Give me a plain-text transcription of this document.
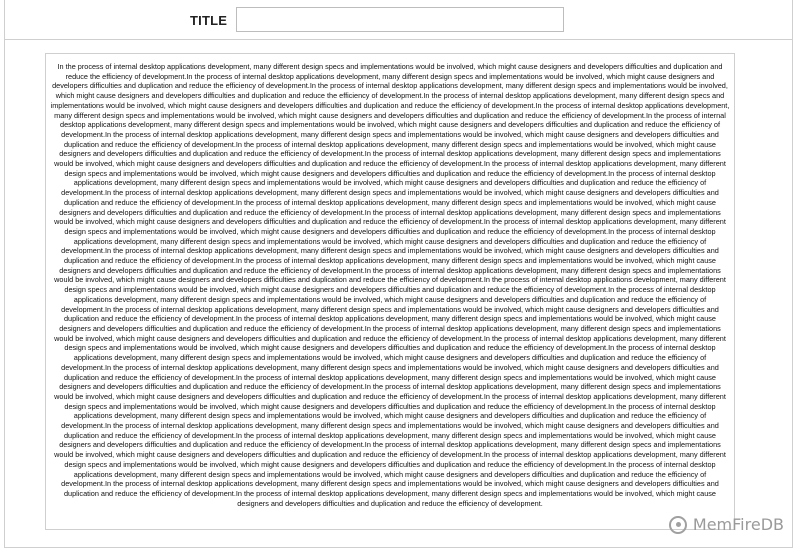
TITLE

In the process of internal desktop applications development, many different design specs and implementations would be involved, which might cause designers and developers difficulties and duplication and reduce the efficiency of development.In the process of internal desktop applications development, many different design specs and implementations would be involved, which might cause designers and developers difficulties and duplication and reduce the efficiency of development.In the process of internal desktop applications development, many different design specs and implementations would be involved, which might cause designers and developers difficulties and duplication and reduce the efficiency of development.In the process of internal desktop applications development, many different design specs and implementations would be involved, which might cause designers and developers difficulties and duplication and reduce the efficiency of development.In the process of internal desktop applications development, many different design specs and implementations would be involved, which might cause designers and developers difficulties and duplication and reduce the efficiency of development.In the process of internal desktop applications development, many different design specs and implementations would be involved, which might cause designers and developers difficulties and duplication and reduce the efficiency of development.In the process of internal desktop applications development, many different design specs and implementations would be involved, which might cause designers and developers difficulties and duplication and reduce the efficiency of development.In the process of internal desktop applications development, many different design specs and implementations would be involved, which might cause designers and developers difficulties and duplication and reduce the efficiency of development.In the process of internal desktop applications development, many different design specs and implementations would be involved, which might cause designers and developers difficulties and duplication and reduce the efficiency of development.In the process of internal desktop applications development, many different design specs and implementations would be involved, which might cause designers and developers difficulties and duplication and reduce the efficiency of development.In the process of internal desktop applications development, many different design specs and implementations would be involved, which might cause designers and developers difficulties and duplication and reduce the efficiency of development.In the process of internal desktop applications development, many different design specs and implementations would be involved, which might cause designers and developers difficulties and duplication and reduce the efficiency of development.In the process of internal desktop applications development, many different design specs and implementations would be involved, which might cause designers and developers difficulties and duplication and reduce the efficiency of development.In the process of internal desktop applications development, many different design specs and implementations would be involved, which might cause designers and developers difficulties and duplication and reduce the efficiency of development.In the process of internal desktop applications development, many different design specs and implementations would be involved, which might cause designers and developers difficulties and duplication and reduce the efficiency of development.In the process of internal desktop applications development, many different design specs and implementations would be involved, which might cause designers and developers difficulties and duplication and reduce the efficiency of development.In the process of internal desktop applications development, many different design specs and implementations would be involved, which might cause designers and developers difficulties and duplication and reduce the efficiency of development.In the process of internal desktop applications development, many different design specs and implementations would be involved, which might cause designers and developers difficulties and duplication and reduce the efficiency of development.In the process of internal desktop applications development, many different design specs and implementations would be involved, which might cause designers and developers difficulties and duplication and reduce the efficiency of development.In the process of internal desktop applications development, many different design specs and implementations would be involved, which might cause designers and developers difficulties and duplication and reduce the efficiency of development.In the process of internal desktop applications development, many different design specs and implementations would be involved, which might cause designers and developers difficulties and duplication and reduce the efficiency of development.In the process of internal desktop applications development, many different design specs and implementations would be involved, which might cause designers and developers difficulties and duplication and reduce the efficiency of development.In the process of internal desktop applications development, many different design specs and implementations would be involved, which might cause designers and developers difficulties and duplication and reduce the efficiency of development.In the process of internal desktop applications development, many different design specs and implementations would be involved, which might cause designers and developers difficulties and duplication and reduce the efficiency of development.In the process of internal desktop applications development, many different design specs and implementations would be involved, which might cause designers and developers difficulties and duplication and reduce the efficiency of development.In the process of internal desktop applications development, many different design specs and implementations would be involved, which might cause designers and developers difficulties and duplication and reduce the efficiency of development.In the process of internal desktop applications development, many different design specs and implementations would be involved, which might cause designers and developers difficulties and duplication and reduce the efficiency of development.In the process of internal desktop applications development, many different design specs and implementations would be involved, which might cause designers and developers difficulties and duplication and reduce the efficiency of development.In the process of internal desktop applications development, many different design specs and implementations would be involved, which might cause designers and developers difficulties and duplication and reduce the efficiency of development.In the process of internal desktop applications development, many different design specs and implementations would be involved, which might cause designers and developers difficulties and duplication and reduce the efficiency of development.In the process of internal desktop applications development, many different design specs and implementations would be involved, which might cause designers and developers difficulties and duplication and reduce the efficiency of development.In the process of internal desktop applications development, many different design specs and implementations would be involved, which might cause designers and developers difficulties and duplication and reduce the efficiency of development.In the process of internal desktop applications development, many different design specs and implementations would be involved, which might cause designers and developers difficulties and duplication and reduce the efficiency of development.In the process of internal desktop applications development, many different design specs and implementations would be involved, which might cause designers and developers difficulties and duplication and reduce the efficiency of development.In the process of internal desktop applications development, many different design specs and implementations would be involved, which might cause designers and developers difficulties and duplication and reduce the efficiency of development.In the process of internal desktop applications development, many different design specs and implementations would be involved, which might cause designers and developers difficulties and duplication and reduce the efficiency of development.In the process of internal desktop applications development, many different design specs and implementations would be involved, which might cause designers and developers difficulties and duplication and reduce the efficiency of development.In the process of internal desktop applications development, many different design specs and implementations would be involved, which might cause designers and developers difficulties and duplication and reduce the efficiency of development.

MemFireDB
